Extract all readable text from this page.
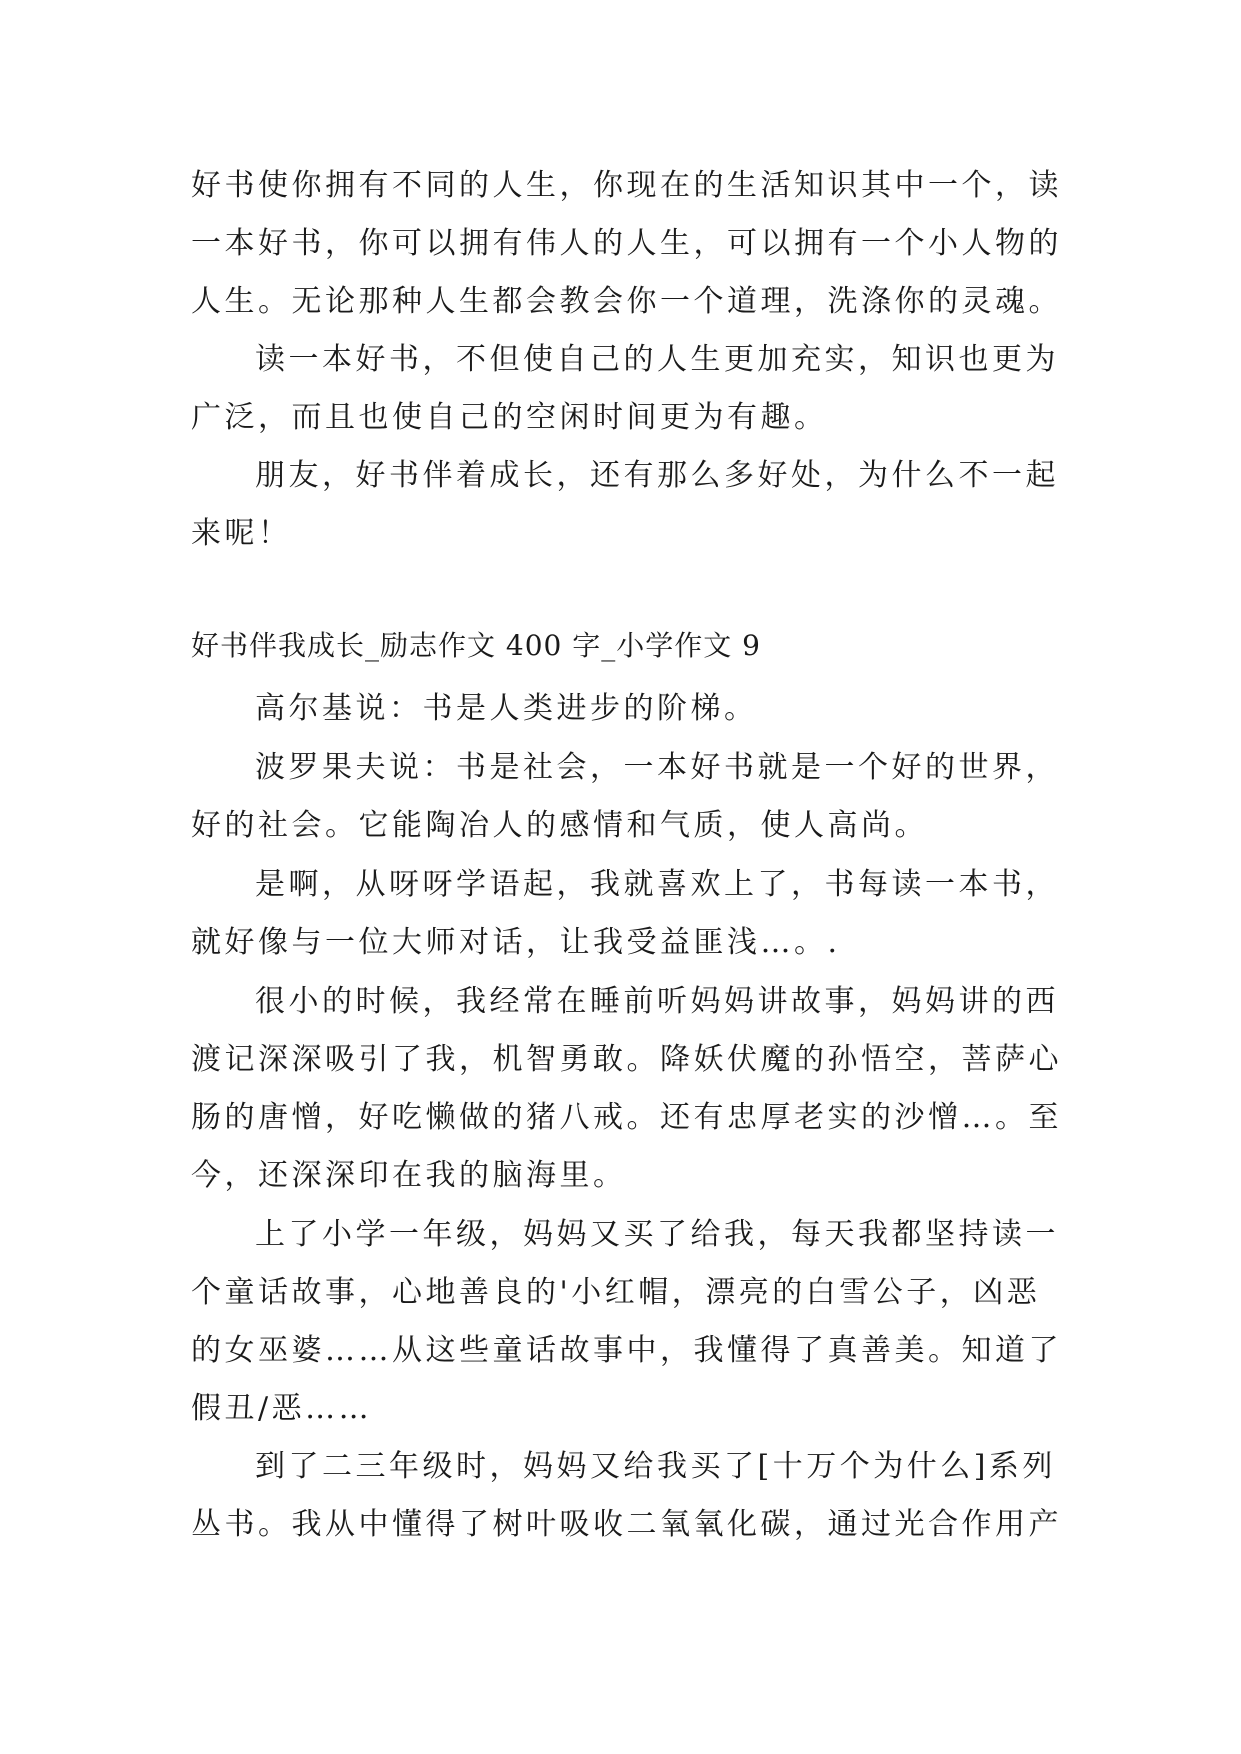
好书使你拥有不同的人生，你现在的生活知识其中一个，读
一本好书，你可以拥有伟人的人生，可以拥有一个小人物的
人生。无论那种人生都会教会你一个道理，洗涤你的灵魂。
读一本好书，不但使自己的人生更加充实，知识也更为
广泛，而且也使自己的空闲时间更为有趣。
朋友，好书伴着成长，还有那么多好处，为什么不一起
来呢！
好书伴我成长_励志作文 400 字_小学作文 9
高尔基说：书是人类进步的阶梯。
波罗果夫说：书是社会，一本好书就是一个好的世界，
好的社会。它能陶冶人的感情和气质，使人高尚。
是啊，从呀呀学语起，我就喜欢上了，书每读一本书，
就好像与一位大师对话，让我受益匪浅…。.
很小的时候，我经常在睡前听妈妈讲故事，妈妈讲的西
渡记深深吸引了我，机智勇敢。降妖伏魔的孙悟空，菩萨心
肠的唐憎，好吃懒做的猪八戒。还有忠厚老实的沙憎…。至
今，还深深印在我的脑海里。
上了小学一年级，妈妈又买了给我，每天我都坚持读一
个童话故事，心地善良的'小红帽，漂亮的白雪公子，凶恶
的女巫婆……从这些童话故事中，我懂得了真善美。知道了
假丑/恶……
到了二三年级时，妈妈又给我买了[十万个为什么]系列
丛书。我从中懂得了树叶吸收二氧氧化碳，通过光合作用产
